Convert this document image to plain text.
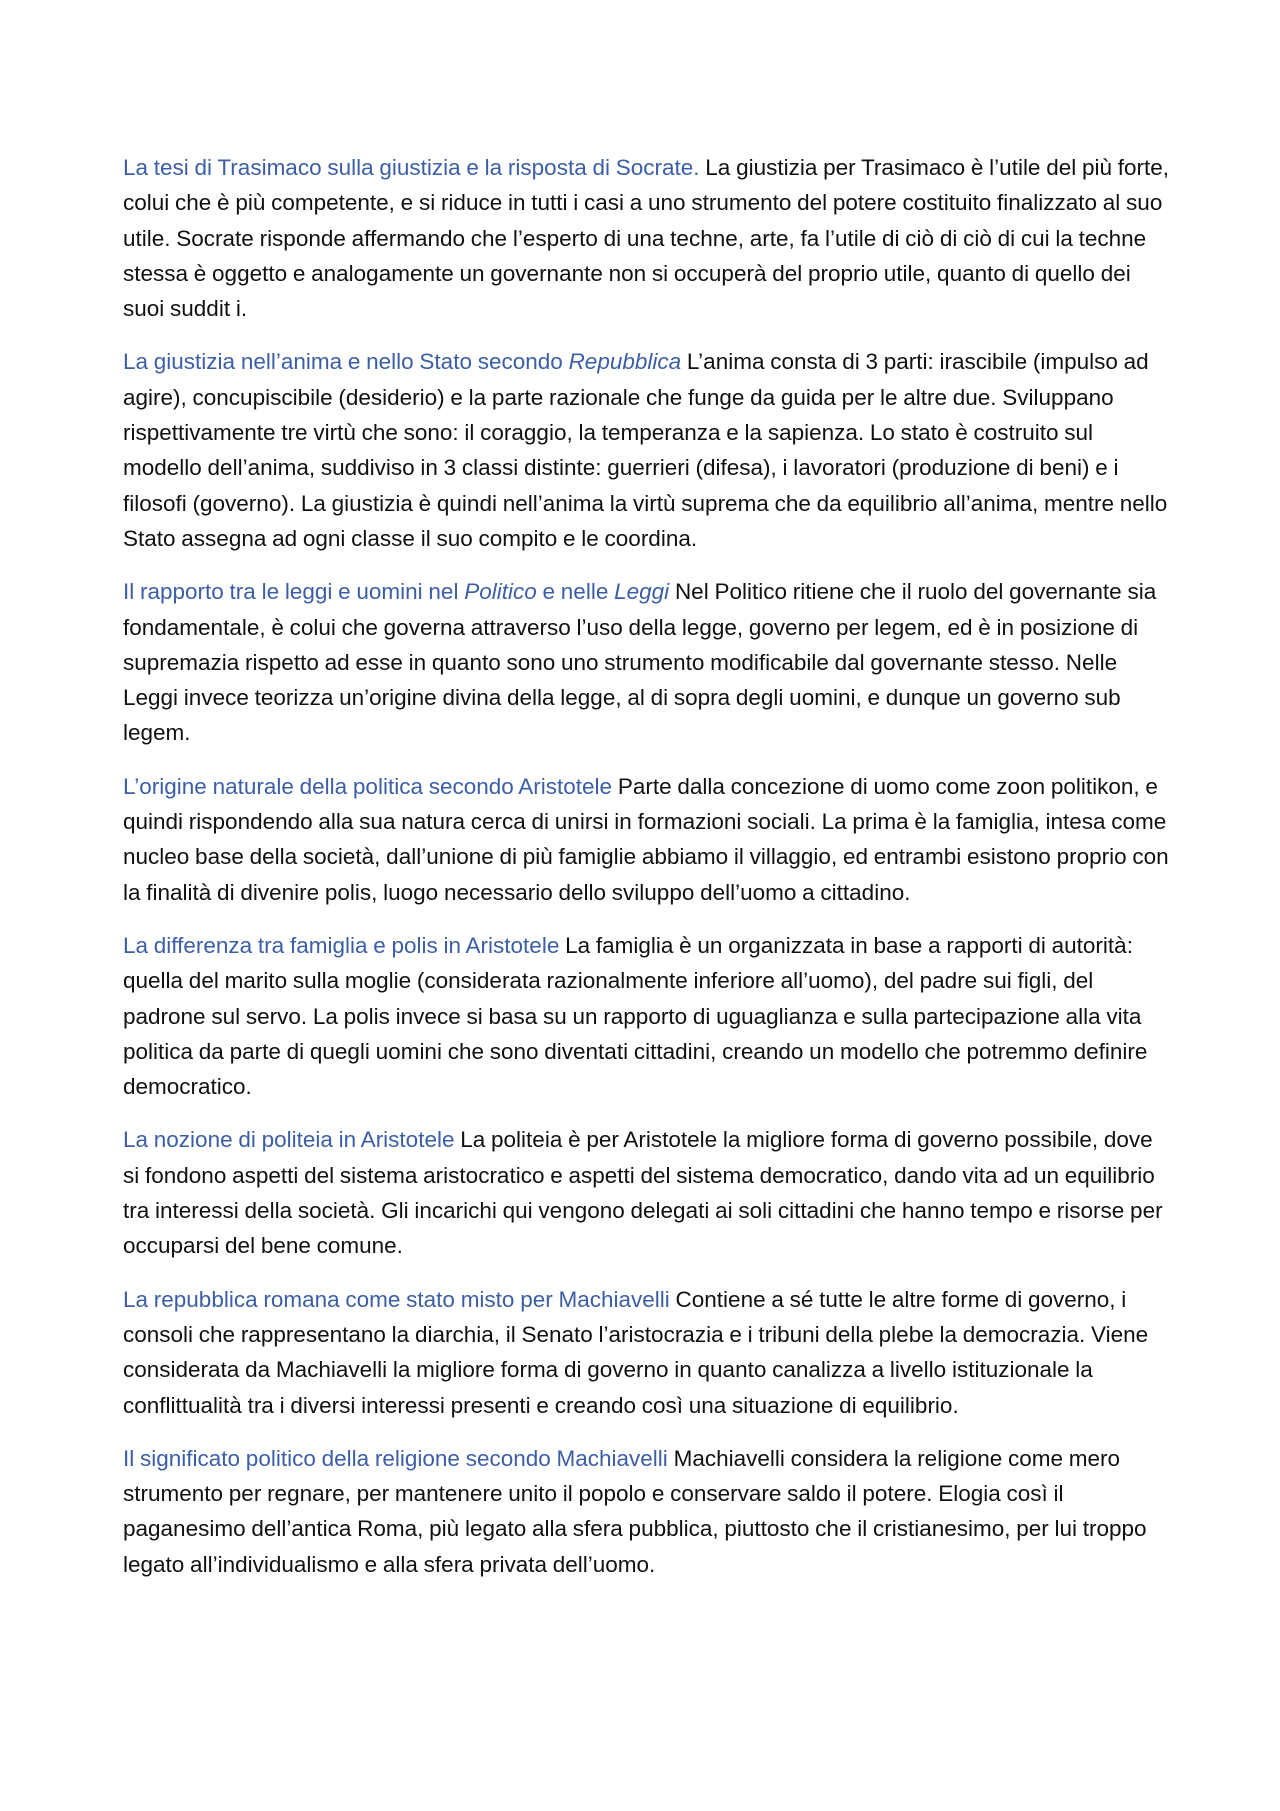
La tesi di Trasimaco sulla giustizia e la risposta di Socrate. La giustizia per Trasimaco è l’utile del più forte, colui che è più competente, e si riduce in tutti i casi a uno strumento del potere costituito finalizzato al suo utile. Socrate risponde affermando che l’esperto di una techne, arte, fa l’utile di ciò di ciò di cui la techne stessa è oggetto e analogamente un governante non si occuperà del proprio utile, quanto di quello dei suoi suddit i.

La giustizia nell’anima e nello Stato secondo Repubblica L’anima consta di 3 parti: irascibile (impulso ad agire), concupiscibile (desiderio) e la parte razionale che funge da guida per le altre due. Sviluppano rispettivamente tre virtù che sono: il coraggio, la temperanza e la sapienza. Lo stato è costruito sul modello dell’anima, suddiviso in 3 classi distinte: guerrieri (difesa), i lavoratori (produzione di beni) e i filosofi (governo). La giustizia è quindi nell’anima la virtù suprema che da equilibrio all’anima, mentre nello Stato assegna ad ogni classe il suo compito e le coordina.

Il rapporto tra le leggi e uomini nel Politico e nelle Leggi Nel Politico ritiene che il ruolo del governante sia fondamentale, è colui che governa attraverso l’uso della legge, governo per legem, ed è in posizione di supremazia rispetto ad esse in quanto sono uno strumento modificabile dal governante stesso. Nelle Leggi invece teorizza un’origine divina della legge, al di sopra degli uomini, e dunque un governo sub legem.

L’origine naturale della politica secondo Aristotele Parte dalla concezione di uomo come zoon politikon, e quindi rispondendo alla sua natura cerca di unirsi in formazioni sociali. La prima è la famiglia, intesa come nucleo base della società, dall’unione di più famiglie abbiamo il villaggio, ed entrambi esistono proprio con la finalità di divenire polis, luogo necessario dello sviluppo dell’uomo a cittadino.

La differenza tra famiglia e polis in Aristotele La famiglia è un organizzata in base a rapporti di autorità: quella del marito sulla moglie (considerata razionalmente inferiore all’uomo), del padre sui figli, del padrone sul servo. La polis invece si basa su un rapporto di uguaglianza e sulla partecipazione alla vita politica da parte di quegli uomini che sono diventati cittadini, creando un modello che potremmo definire democratico.

La nozione di politeia in Aristotele La politeia è per Aristotele la migliore forma di governo possibile, dove si fondono aspetti del sistema aristocratico e aspetti del sistema democratico, dando vita ad un equilibrio tra interessi della società. Gli incarichi qui vengono delegati ai soli cittadini che hanno tempo e risorse per occuparsi del bene comune.

La repubblica romana come stato misto per Machiavelli Contiene a sé tutte le altre forme di governo, i consoli che rappresentano la diarchia, il Senato l’aristocrazia e i tribuni della plebe la democrazia. Viene considerata da Machiavelli la migliore forma di governo in quanto canalizza a livello istituzionale la conflittualità tra i diversi interessi presenti e creando così una situazione di equilibrio.

Il significato politico della religione secondo Machiavelli Machiavelli considera la religione come mero strumento per regnare, per mantenere unito il popolo e conservare saldo il potere. Elogia così il paganesimo dell’antica Roma, più legato alla sfera pubblica, piuttosto che il cristianesimo, per lui troppo legato all’individualismo e alla sfera privata dell’uomo.
